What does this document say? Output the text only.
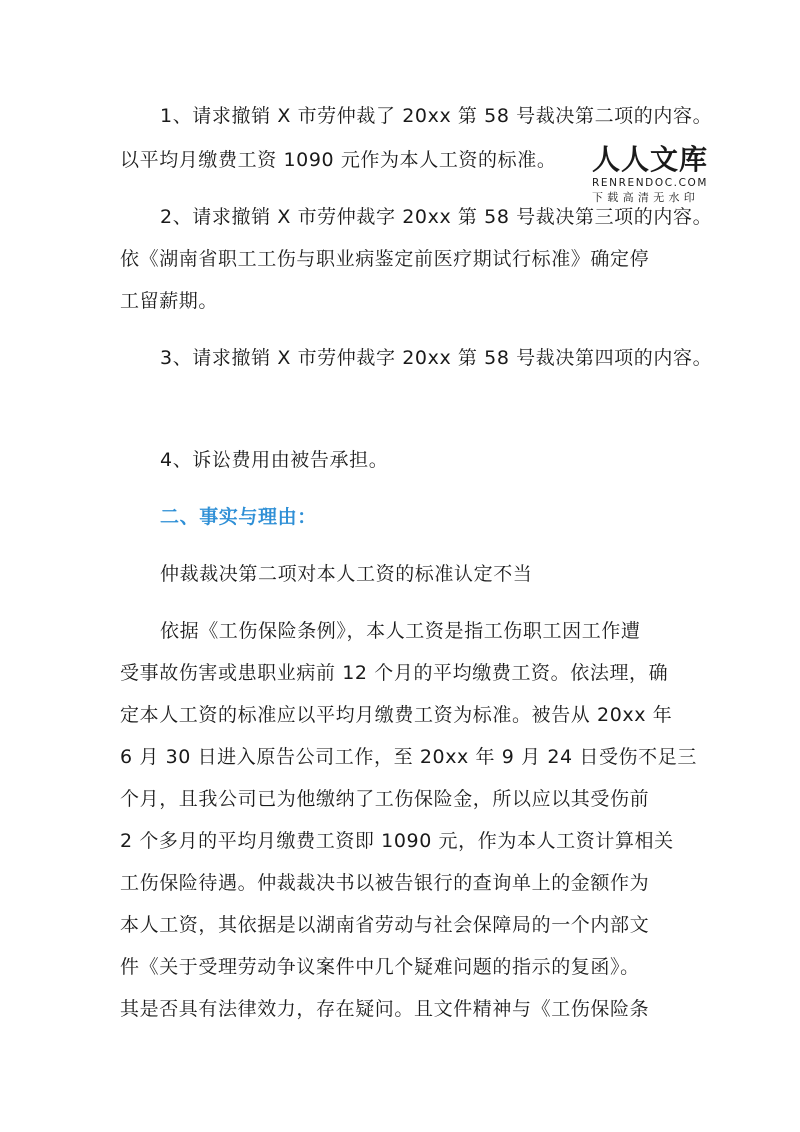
1、请求撤销 X 市劳仲裁了 20xx 第 58 号裁决第二项的内容。
以平均月缴费工资 1090 元作为本人工资的标准。
2、请求撤销 X 市劳仲裁字 20xx 第 58 号裁决第三项的内容。
依《湖南省职工工伤与职业病鉴定前医疗期试行标准》确定停
工留薪期。
3、请求撤销 X 市劳仲裁字 20xx 第 58 号裁决第四项的内容。
4、诉讼费用由被告承担。
二、事实与理由：
仲裁裁决第二项对本人工资的标准认定不当
依据《工伤保险条例》，本人工资是指工伤职工因工作遭
受事故伤害或患职业病前 12 个月的平均缴费工资。依法理，确
定本人工资的标准应以平均月缴费工资为标准。被告从 20xx 年
6 月 30 日进入原告公司工作，至 20xx 年 9 月 24 日受伤不足三
个月，且我公司已为他缴纳了工伤保险金，所以应以其受伤前
2 个多月的平均月缴费工资即 1090 元，作为本人工资计算相关
工伤保险待遇。仲裁裁决书以被告银行的查询单上的金额作为
本人工资，其依据是以湖南省劳动与社会保障局的一个内部文
件《关于受理劳动争议案件中几个疑难问题的指示的复函》。
其是否具有法律效力，存在疑问。且文件精神与《工伤保险条
人人文库
RENRENDOC.COM
下载高清无水印
